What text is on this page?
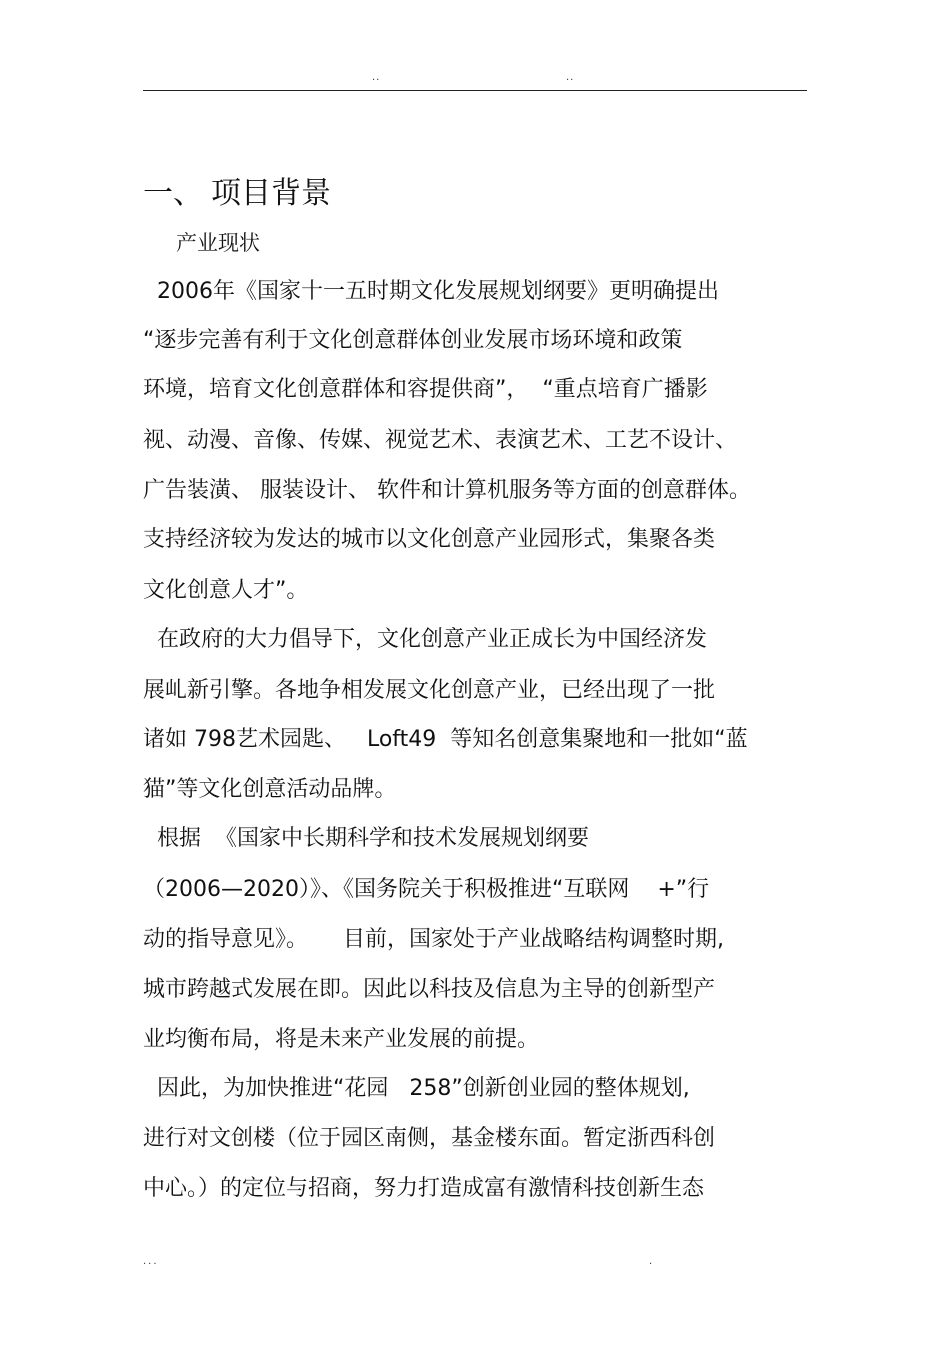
..	..
一、 项目背景
产业现状
2006年《国家十一五时期文化发展规划纲要》更明确提出
“逐步完善有利于文化创意群体创业发展市场环境和政策
环境，培育文化创意群体和容提供商”，  “重点培育广播影
视、动漫、音像、传媒、视觉艺术、表演艺术、工艺不设计、
广告装潢、 服装设计、 软件和计算机服务等方面的创意群体。
支持经济较为发达的城市以文化创意产业园形式，集聚各类
文化创意人才”。
在政府的大力倡导下，文化创意产业正成长为中国经济发
展乢新引擎。各地争相发展文化创意产业，已经出现了一批
诸如 798艺术园匙、   Loft49  等知名创意集聚地和一批如“蓝
猫”等文化创意活动品牌。
根据  《国家中长期科学和技术发展规划纲要
（2006—2020）》、《国务院关于积极推进“互联网    +”行
动的指导意见》。     目前，国家处于产业战略结构调整时期,
城市跨越式发展在即。因此以科技及信息为主导的创新型产
业均衡布局，将是未来产业发展的前提。
因此，为加快推进“花园   258”创新创业园的整体规划,
进行对文创楼（位于园区南侧，基金楼东面。暂定浙西科创
中心。）的定位与招商，努力打造成富有激情科技创新生态
...	.
